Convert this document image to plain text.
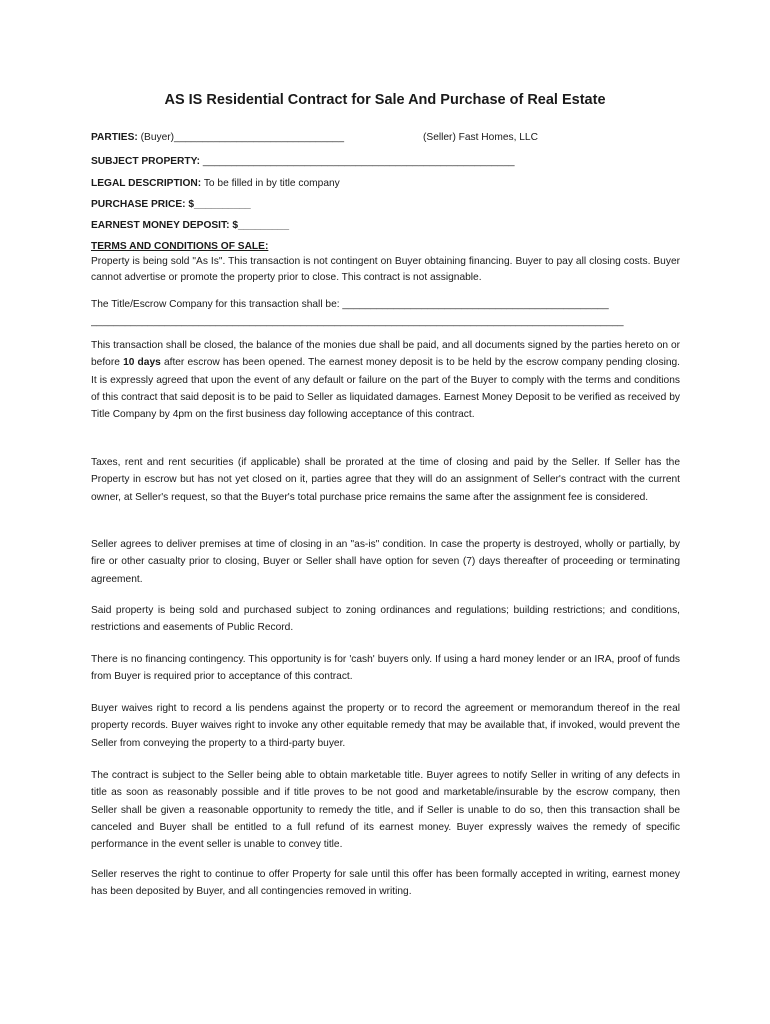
AS IS Residential Contract for Sale And Purchase of Real Estate
PARTIES: (Buyer)______________________________	(Seller) Fast Homes, LLC
SUBJECT PROPERTY: _______________________________________________________
LEGAL DESCRIPTION: To be filled in by title company
PURCHASE PRICE: $__________
EARNEST MONEY DEPOSIT: $_________
TERMS AND CONDITIONS OF SALE:

Property is being sold "As Is". This transaction is not contingent on Buyer obtaining financing. Buyer to pay all closing costs. Buyer cannot advertise or promote the property prior to close. This contract is not assignable.

The Title/Escrow Company for this transaction shall be: _______________________________________________
______________________________________________________________________________________________

This transaction shall be closed, the balance of the monies due shall be paid, and all documents signed by the parties hereto on or before 10 days after escrow has been opened. The earnest money deposit is to be held by the escrow company pending closing. It is expressly agreed that upon the event of any default or failure on the part of the Buyer to comply with the terms and conditions of this contract that said deposit is to be paid to Seller as liquidated damages. Earnest Money Deposit to be verified as received by Title Company by 4pm on the first business day following acceptance of this contract.

Taxes, rent and rent securities (if applicable) shall be prorated at the time of closing and paid by the Seller. If Seller has the Property in escrow but has not yet closed on it, parties agree that they will do an assignment of Seller's contract with the current owner, at Seller's request, so that the Buyer's total purchase price remains the same after the assignment fee is considered.

Seller agrees to deliver premises at time of closing in an "as-is" condition. In case the property is destroyed, wholly or partially, by fire or other casualty prior to closing, Buyer or Seller shall have option for seven (7) days thereafter of proceeding or terminating agreement.

Said property is being sold and purchased subject to zoning ordinances and regulations; building restrictions; and conditions, restrictions and easements of Public Record.

There is no financing contingency. This opportunity is for 'cash' buyers only. If using a hard money lender or an IRA, proof of funds from Buyer is required prior to acceptance of this contract.

Buyer waives right to record a lis pendens against the property or to record the agreement or memorandum thereof in the real property records. Buyer waives right to invoke any other equitable remedy that may be available that, if invoked, would prevent the Seller from conveying the property to a third-party buyer.

The contract is subject to the Seller being able to obtain marketable title. Buyer agrees to notify Seller in writing of any defects in title as soon as reasonably possible and if title proves to be not good and marketable/insurable by the escrow company, then Seller shall be given a reasonable opportunity to remedy the title, and if Seller is unable to do so, then this transaction shall be canceled and Buyer shall be entitled to a full refund of its earnest money. Buyer expressly waives the remedy of specific performance in the event seller is unable to convey title.

Seller reserves the right to continue to offer Property for sale until this offer has been formally accepted in writing, earnest money has been deposited by Buyer, and all contingencies removed in writing.
